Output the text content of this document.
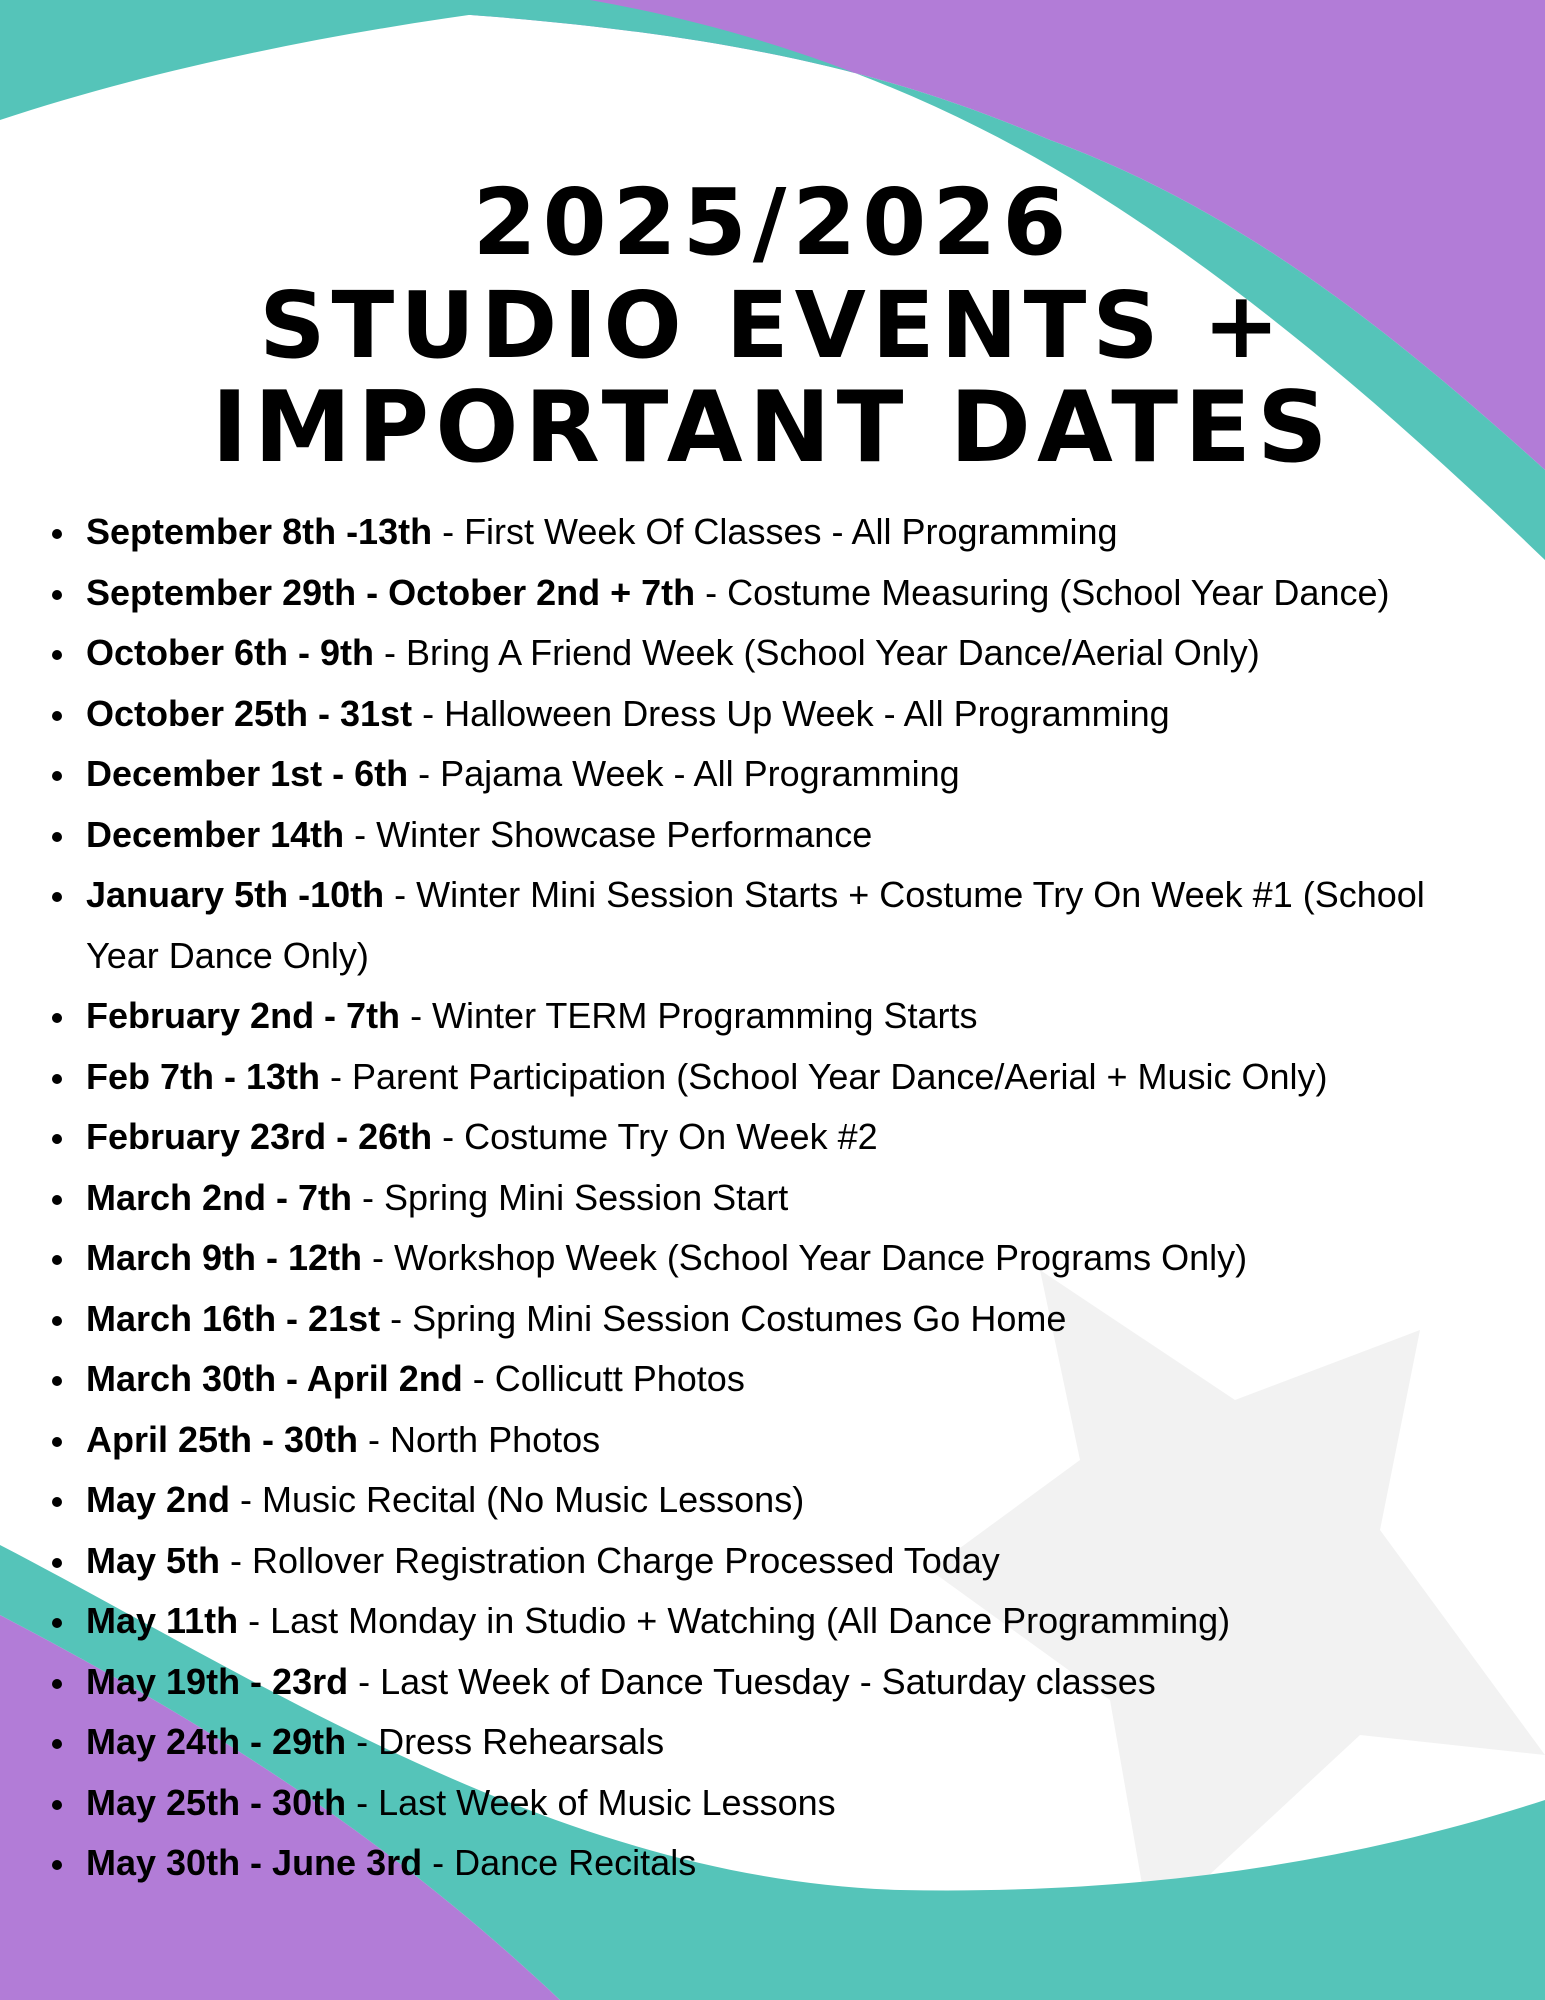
2025/2026
STUDIO EVENTS +
IMPORTANT DATES
September 8th -13th - First Week Of Classes - All Programming
September 29th - October 2nd + 7th - Costume Measuring (School Year Dance)
October 6th - 9th - Bring A Friend Week (School Year Dance/Aerial Only)
October 25th - 31st - Halloween Dress Up Week - All Programming
December 1st - 6th - Pajama Week - All Programming
December 14th - Winter Showcase Performance
January 5th -10th - Winter Mini Session Starts + Costume Try On Week #1 (School Year Dance Only)
February 2nd - 7th - Winter TERM Programming Starts
Feb 7th - 13th - Parent Participation (School Year Dance/Aerial + Music Only)
February 23rd - 26th - Costume Try On Week #2
March 2nd - 7th - Spring Mini Session Start
March 9th - 12th - Workshop Week (School Year Dance Programs Only)
March 16th - 21st - Spring Mini Session Costumes Go Home
March 30th - April 2nd - Collicutt Photos
April 25th - 30th - North Photos
May 2nd - Music Recital (No Music Lessons)
May 5th - Rollover Registration Charge Processed Today
May 11th - Last Monday in Studio + Watching (All Dance Programming)
May 19th - 23rd - Last Week of Dance Tuesday - Saturday classes
May 24th - 29th - Dress Rehearsals
May 25th - 30th - Last Week of Music Lessons
May 30th - June 3rd - Dance Recitals
